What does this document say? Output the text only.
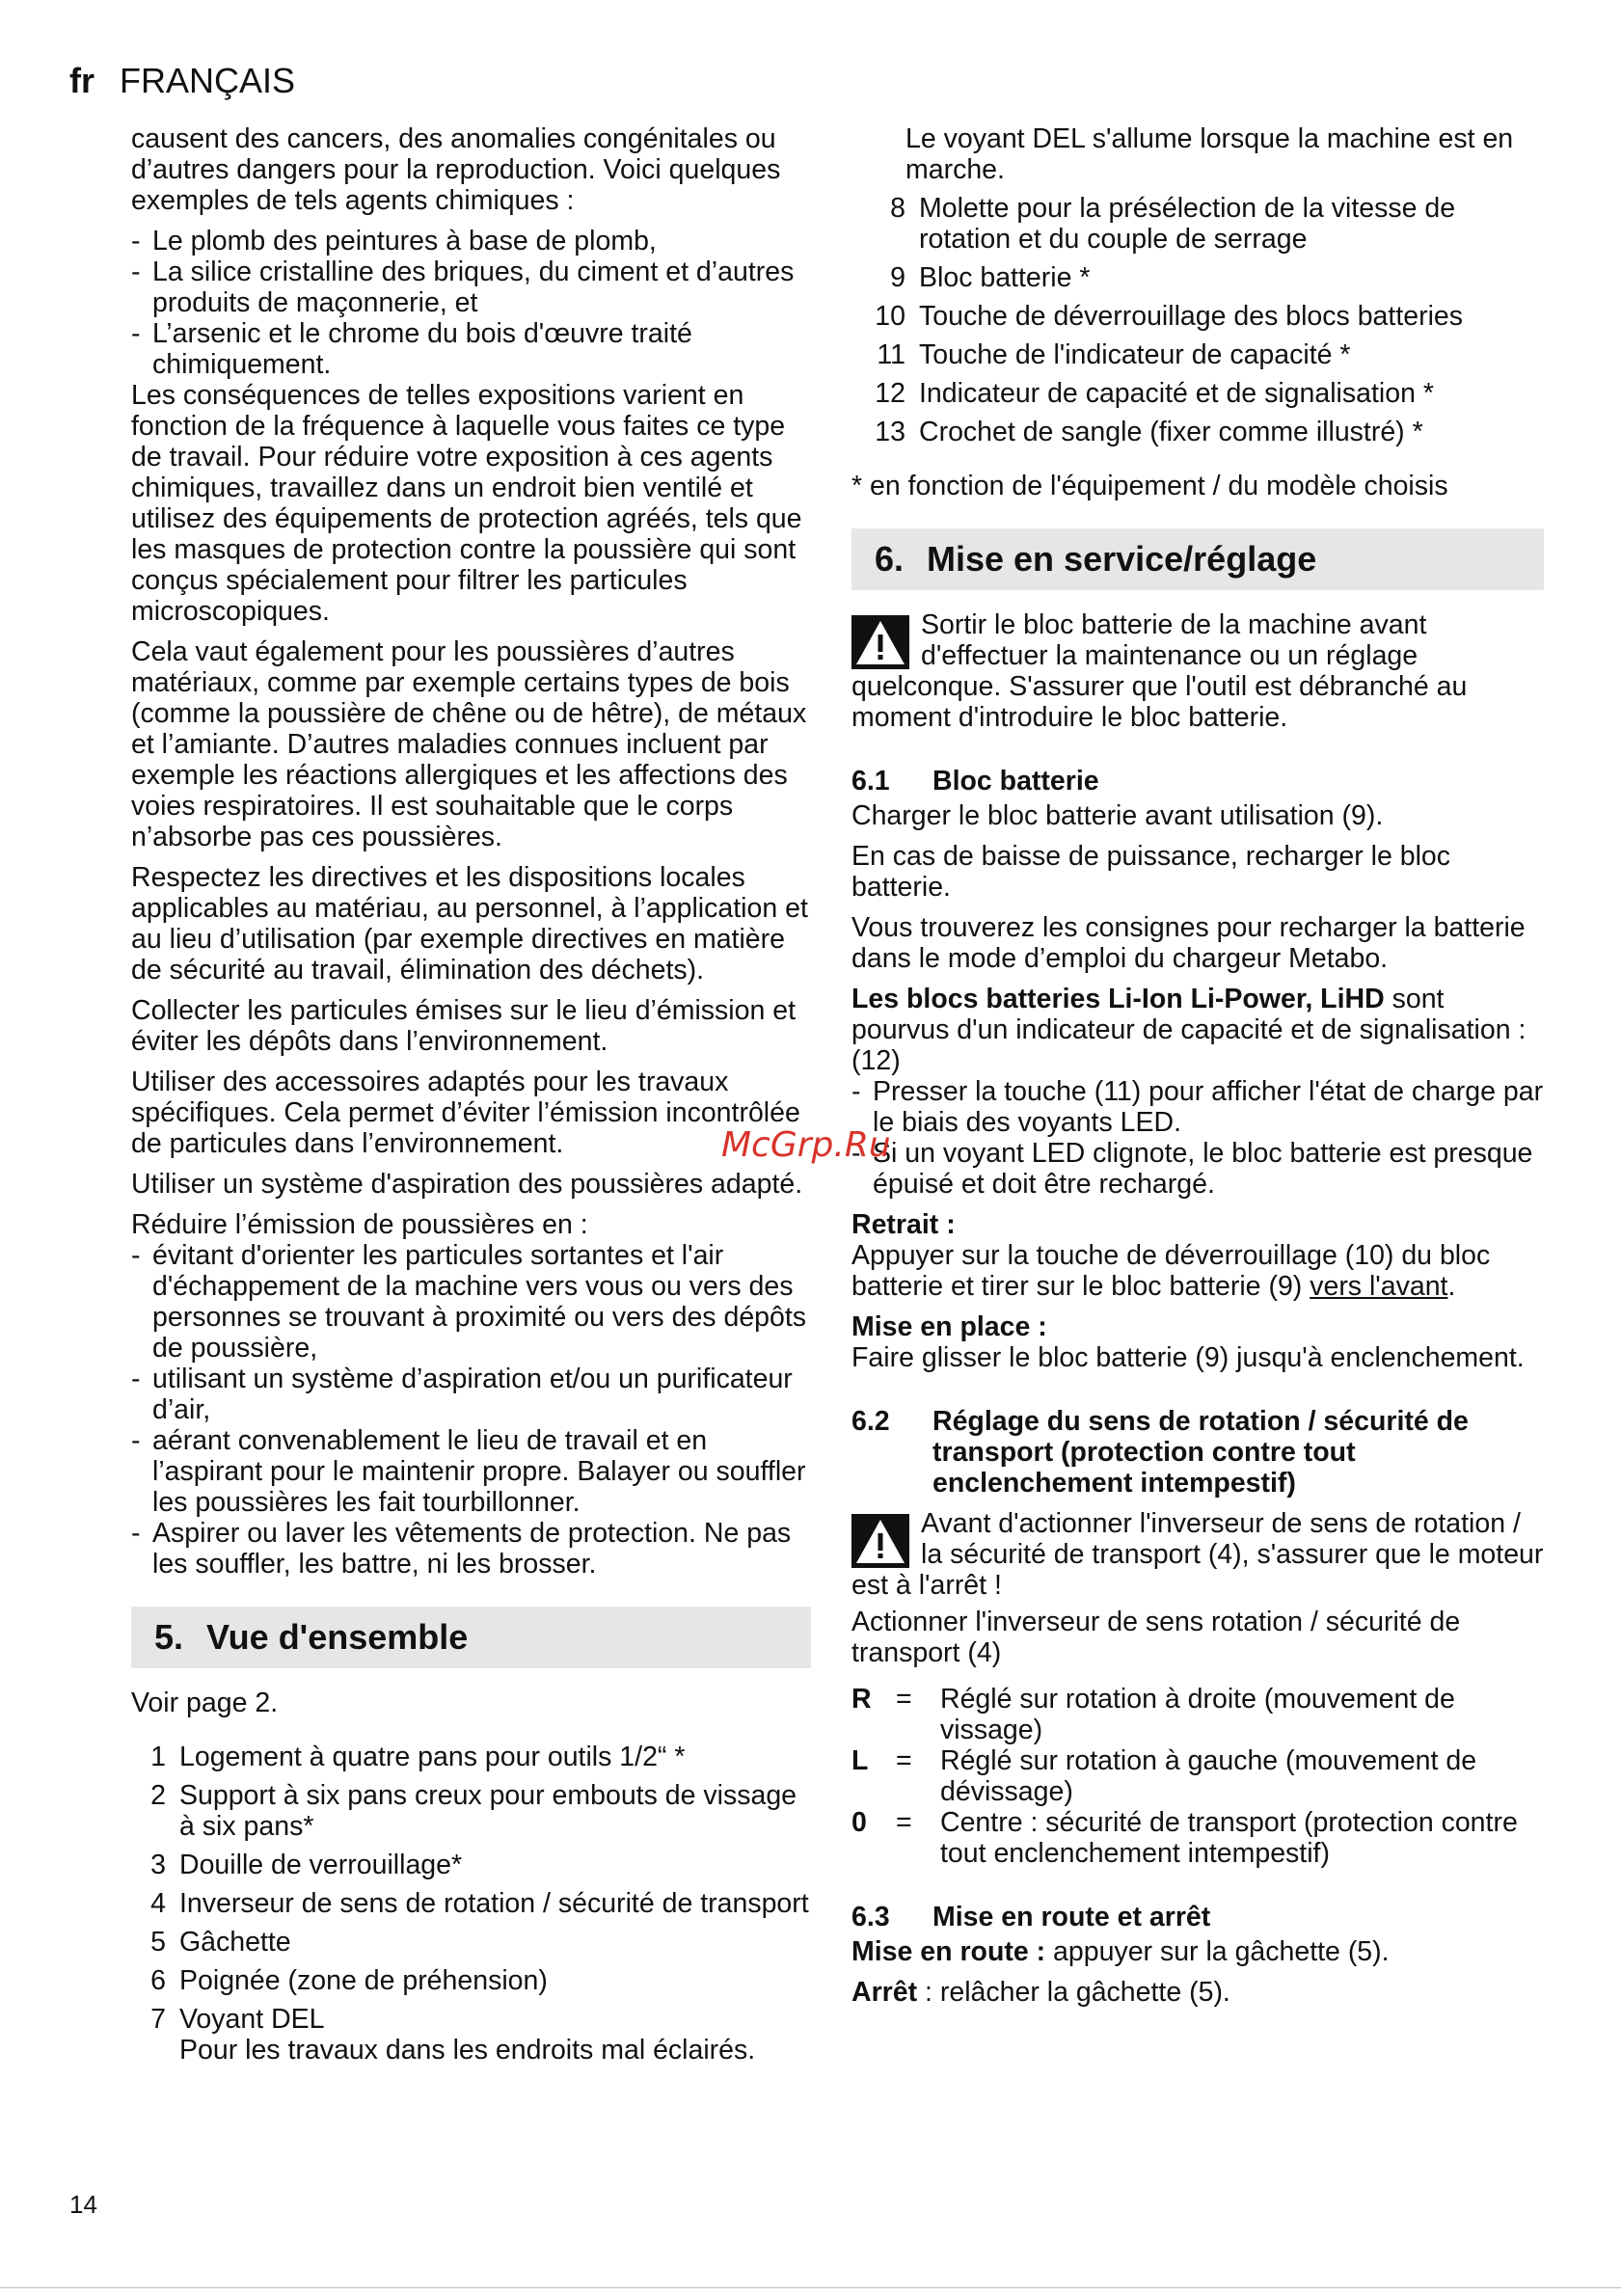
fr FRANÇAIS

causent des cancers, des anomalies congénitales ou d’autres dangers pour la reproduction. Voici quelques exemples de tels agents chimiques :

- Le plomb des peintures à base de plomb,
- La silice cristalline des briques, du ciment et d’autres produits de maçonnerie, et
- L’arsenic et le chrome du bois d'œuvre traité chimiquement.

Les conséquences de telles expositions varient en fonction de la fréquence à laquelle vous faites ce type de travail. Pour réduire votre exposition à ces agents chimiques, travaillez dans un endroit bien ventilé et utilisez des équipements de protection agréés, tels que les masques de protection contre la poussière qui sont conçus spécialement pour filtrer les particules microscopiques.

Cela vaut également pour les poussières d’autres matériaux, comme par exemple certains types de bois (comme la poussière de chêne ou de hêtre), de métaux et l’amiante. D’autres maladies connues incluent par exemple les réactions allergiques et les affections des voies respiratoires. Il est souhaitable que le corps n’absorbe pas ces poussières.

Respectez les directives et les dispositions locales applicables au matériau, au personnel, à l’application et au lieu d’utilisation (par exemple directives en matière de sécurité au travail, élimination des déchets).

Collecter les particules émises sur le lieu d’émission et éviter les dépôts dans l’environnement.

Utiliser des accessoires adaptés pour les travaux spécifiques. Cela permet d’éviter l’émission incontrôlée de particules dans l’environnement.

Utiliser un système d'aspiration des poussières adapté.

Réduire l’émission de poussières en :

- évitant d'orienter les particules sortantes et l'air d'échappement de la machine vers vous ou vers des personnes se trouvant à proximité ou vers des dépôts de poussière,
- utilisant un système d’aspiration et/ou un purificateur d’air,
- aérant convenablement le lieu de travail et en l’aspirant pour le maintenir propre. Balayer ou souffler les poussières les fait tourbillonner.
- Aspirer ou laver les vêtements de protection. Ne pas les souffler, les battre, ni les brosser.
5. Vue d'ensemble

Voir page 2.

1 Logement à quatre pans pour outils 1/2“ *
2 Support à six pans creux pour embouts de vissage à six pans*
3 Douille de verrouillage*
4 Inverseur de sens de rotation / sécurité de transport
5 Gâchette
6 Poignée (zone de préhension)
7 Voyant DEL
Pour les travaux dans les endroits mal éclairés.
Le voyant DEL s'allume lorsque la machine est en marche.
8 Molette pour la présélection de la vitesse de rotation et du couple de serrage
9 Bloc batterie *
10 Touche de déverrouillage des blocs batteries
11 Touche de l'indicateur de capacité *
12 Indicateur de capacité et de signalisation *
13 Crochet de sangle (fixer comme illustré) *

* en fonction de l'équipement / du modèle choisis

6. Mise en service/réglage
Sortir le bloc batterie de la machine avant d'effectuer la maintenance ou un réglage quelconque. S'assurer que l'outil est débranché au moment d'introduire le bloc batterie.
6.1	Bloc batterie

Charger le bloc batterie avant utilisation (9).

En cas de baisse de puissance, recharger le bloc batterie.

Vous trouverez les consignes pour recharger la batterie dans le mode d’emploi du chargeur Metabo.

Les blocs batteries Li-Ion Li-Power, LiHD sont pourvus d'un indicateur de capacité et de signalisation : (12)

- Presser la touche (11) pour afficher l'état de charge par le biais des voyants LED.
- Si un voyant LED clignote, le bloc batterie est presque épuisé et doit être rechargé.
Retrait :

Appuyer sur la touche de déverrouillage (10) du bloc batterie et tirer sur le bloc batterie (9) vers l'avant.

Mise en place :

Faire glisser le bloc batterie (9) jusqu'à enclenchement.

6.2	Réglage du sens de rotation / sécurité de transport (protection contre tout enclenchement intempestif)
Avant d'actionner l'inverseur de sens de rotation / la sécurité de transport (4), s'assurer que le moteur est à l'arrêt !

Actionner l'inverseur de sens rotation / sécurité de transport (4)

R =	Réglé sur rotation à droite (mouvement de vissage)
L	=	Réglé sur rotation à gauche (mouvement de dévissage)
0	=	Centre : sécurité de transport (protection contre tout enclenchement intempestif)
6.3	Mise en route et arrêt

Mise en route : appuyer sur la gâchette (5).

Arrêt : relâcher la gâchette (5).

McGrp.Ru
14
